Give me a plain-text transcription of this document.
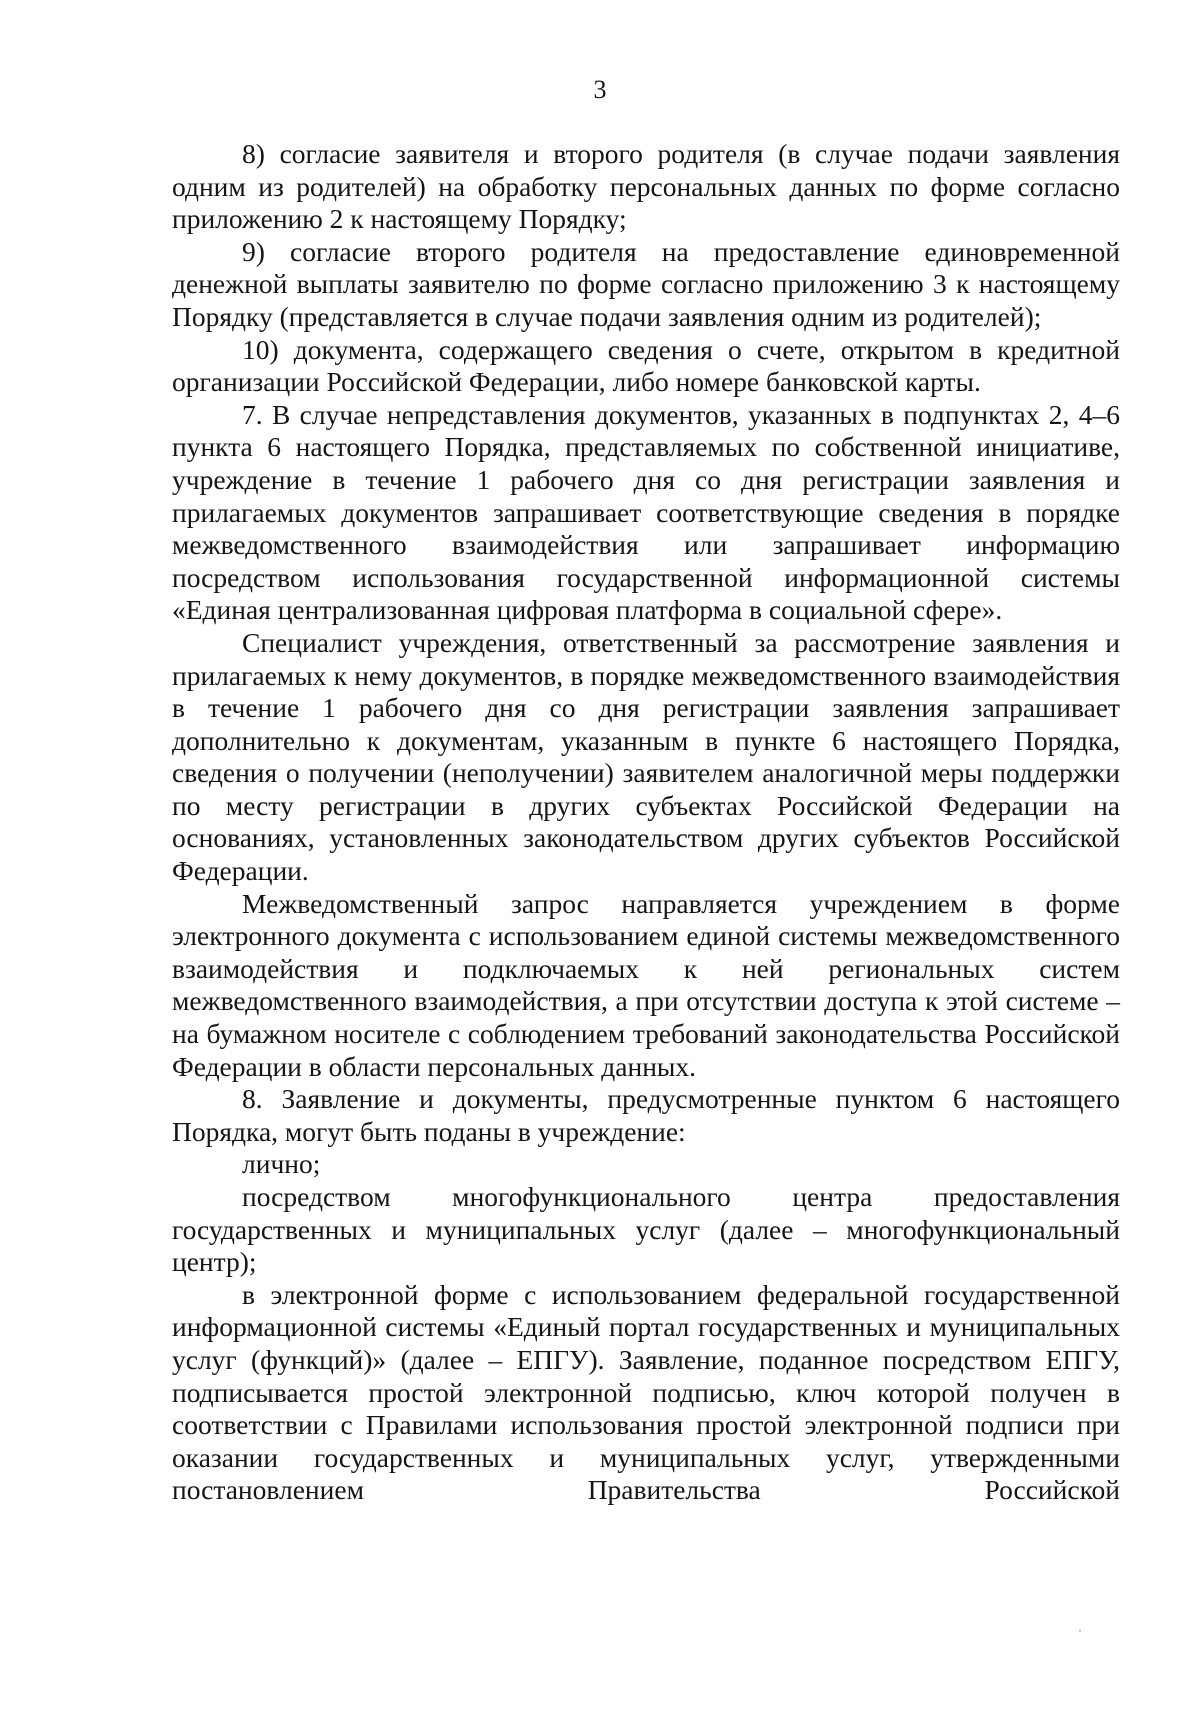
3

8) согласие заявителя и второго родителя (в случае подачи заявления одним из родителей) на обработку персональных данных по форме согласно приложению 2 к настоящему Порядку;

9) согласие второго родителя на предоставление единовременной денежной выплаты заявителю по форме согласно приложению 3 к настоящему Порядку (представляется в случае подачи заявления одним из родителей);

10) документа, содержащего сведения о счете, открытом в кредитной организации Российской Федерации, либо номере банковской карты.

7. В случае непредставления документов, указанных в подпунктах 2, 4–6 пункта 6 настоящего Порядка, представляемых по собственной инициативе, учреждение в течение 1 рабочего дня со дня регистрации заявления и прилагаемых документов запрашивает соответствующие сведения в порядке межведомственного взаимодействия или запрашивает информацию посредством использования государственной информационной системы «Единая централизованная цифровая платформа в социальной сфере».

Специалист учреждения, ответственный за рассмотрение заявления и прилагаемых к нему документов, в порядке межведомственного взаимодействия в течение 1 рабочего дня со дня регистрации заявления запрашивает дополнительно к документам, указанным в пункте 6 настоящего Порядка, сведения о получении (неполучении) заявителем аналогичной меры поддержки по месту регистрации в других субъектах Российской Федерации на основаниях, установленных законодательством других субъектов Российской Федерации.

Межведомственный запрос направляется учреждением в форме электронного документа с использованием единой системы межведомственного взаимодействия и подключаемых к ней региональных систем межведомственного взаимодействия, а при отсутствии доступа к этой системе – на бумажном носителе с соблюдением требований законодательства Российской Федерации в области персональных данных.

8. Заявление и документы, предусмотренные пунктом 6 настоящего Порядка, могут быть поданы в учреждение:

лично;

посредством многофункционального центра предоставления государственных и муниципальных услуг (далее – многофункциональный центр);

в электронной форме с использованием федеральной государственной информационной системы «Единый портал государственных и муниципальных услуг (функций)» (далее – ЕПГУ). Заявление, поданное посредством ЕПГУ, подписывается простой электронной подписью, ключ которой получен в соответствии с Правилами использования простой электронной подписи при оказании государственных и муниципальных услуг, утвержденными постановлением Правительства Российской
